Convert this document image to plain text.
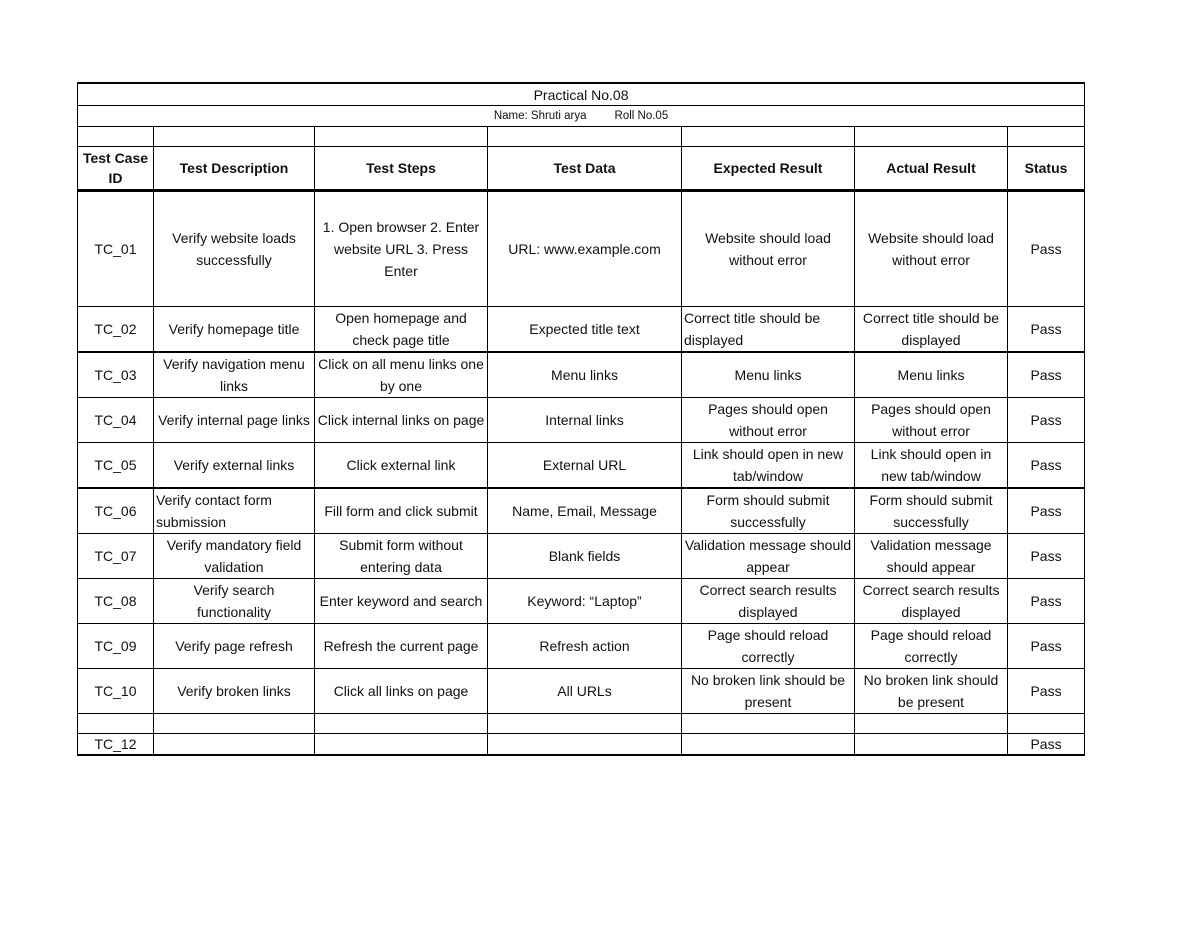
Practical No.08						
Name: Shruti arya Roll No.05						

Test Case ID	Test Description	Test Steps	Test Data	Expected Result	Actual Result	Status
TC_01	Verify website loads successfully	1. Open browser 2. Enter website URL 3. Press Enter	URL: www.example.com	Website should load without error	Website should load without error	Pass
TC_02	Verify homepage title	Open homepage and check page title	Expected title text	Correct title should be displayed	Correct title should be displayed	Pass
TC_03	Verify navigation menu links	Click on all menu links one by one	Menu links	Menu links	Menu links	Pass
TC_04	Verify internal page links	Click internal links on page	Internal links	Pages should open without error	Pages should open without error	Pass
TC_05	Verify external links	Click external link	External URL	Link should open in new tab/window	Link should open in new tab/window	Pass
TC_06	Verify contact form submission	Fill form and click submit	Name, Email, Message	Form should submit successfully	Form should submit successfully	Pass
TC_07	Verify mandatory field validation	Submit form without entering data	Blank fields	Validation message should appear	Validation message should appear	Pass
TC_08	Verify search functionality	Enter keyword and search	Keyword: “Laptop”	Correct search results displayed	Correct search results displayed	Pass
TC_09	Verify page refresh	Refresh the current page	Refresh action	Page should reload correctly	Page should reload correctly	Pass
TC_10	Verify broken links	Click all links on page	All URLs	No broken link should be present	No broken link should be present	Pass

TC_12						Pass
